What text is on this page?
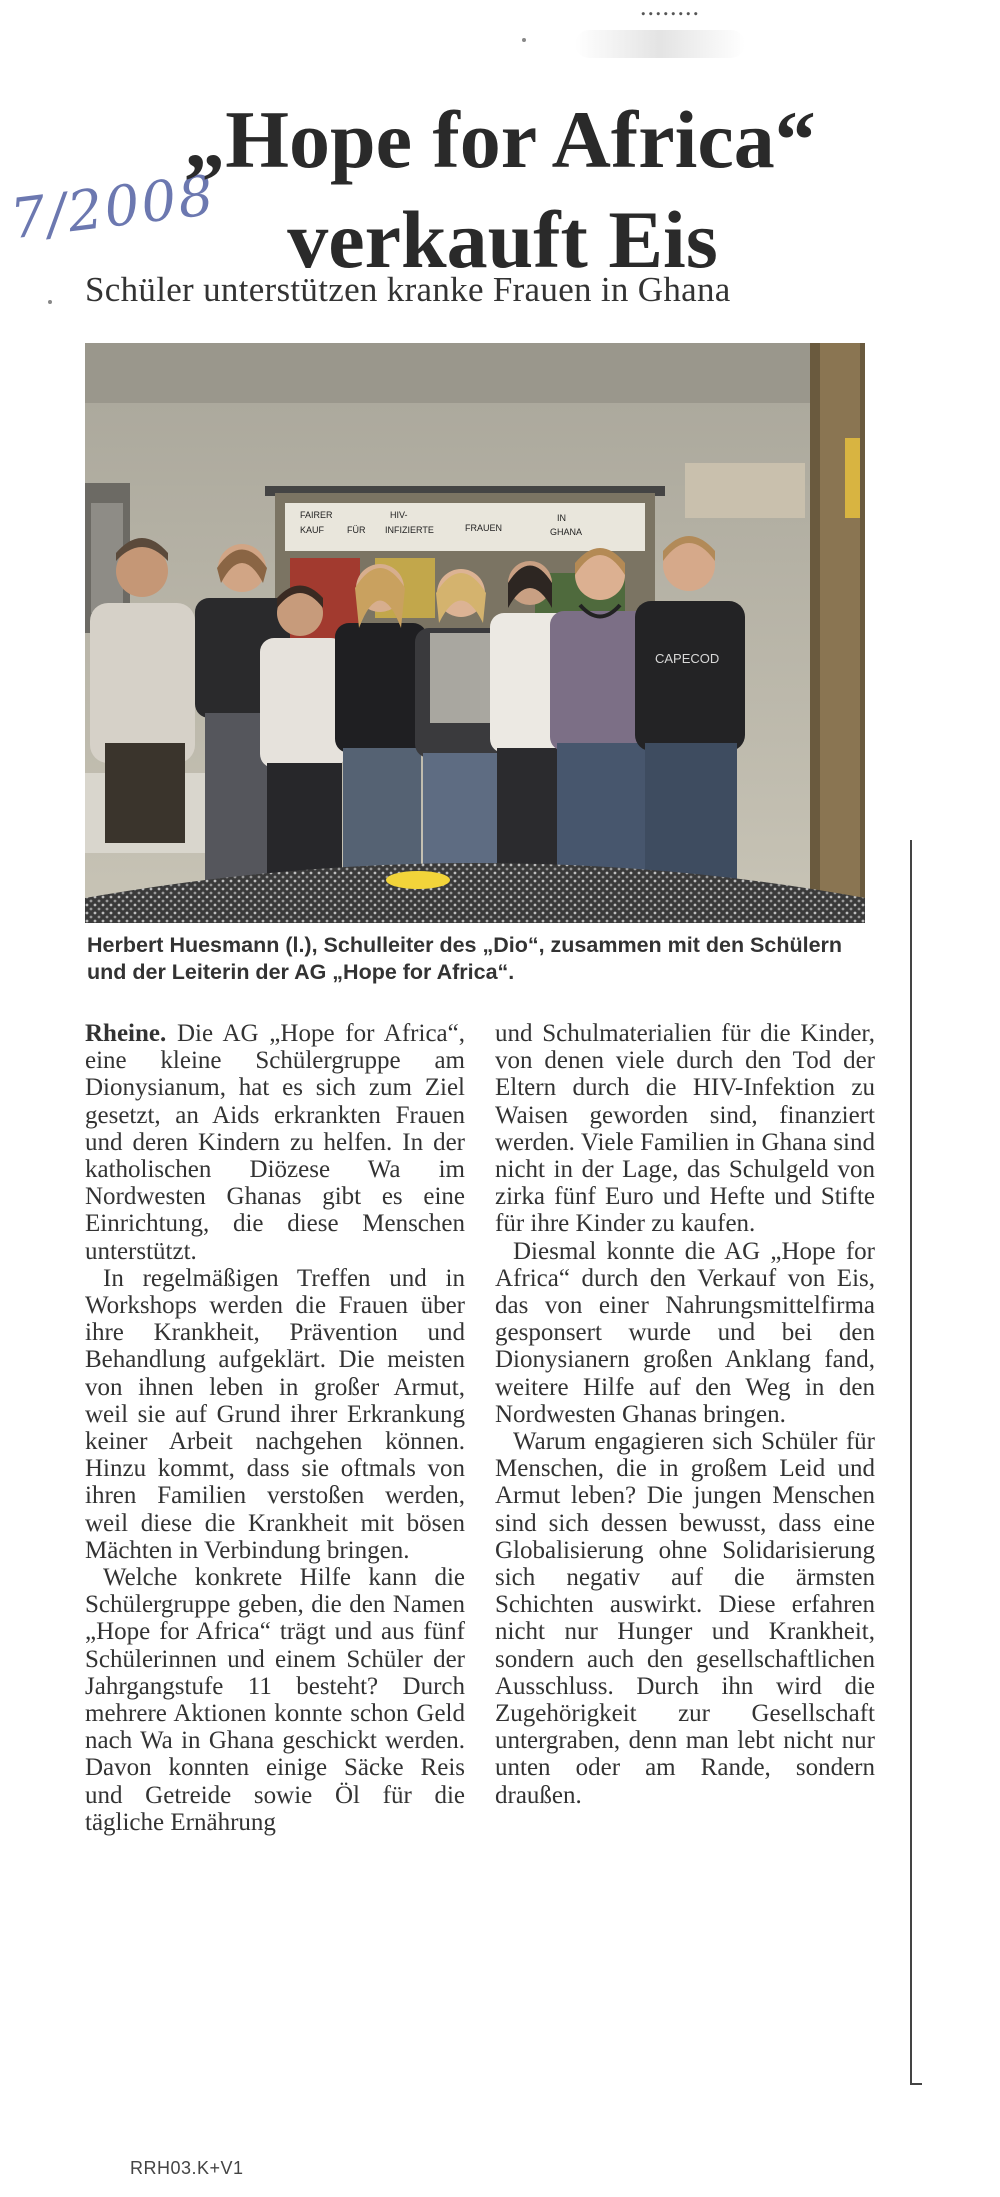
........
7/2008
„Hope for Africa“
verkauft Eis
Schüler unterstützen kranke Frauen in Ghana
FAIRER KAUF	FÜR HIV- INFIZIERTE	FRAUEN IN GHANA
CAPECOD
Herbert Huesmann (l.), Schulleiter des „Dio“, zusammen mit den Schülern und der Leiterin der AG „Hope for Africa“.

Rheine. Die AG „Hope for Africa“, eine kleine Schülergruppe am Dionysianum, hat es sich zum Ziel gesetzt, an Aids erkrankten Frauen und deren Kindern zu helfen. In der katholischen Diözese Wa im Nordwesten Ghanas gibt es eine Einrichtung, die diese Menschen unterstützt.

In regelmäßigen Treffen und in Workshops werden die Frauen über ihre Krankheit, Prävention und Behandlung aufgeklärt. Die meisten von ihnen leben in großer Armut, weil sie auf Grund ihrer Erkrankung keiner Arbeit nachgehen können. Hinzu kommt, dass sie oftmals von ihren Familien verstoßen werden, weil diese die Krankheit mit bösen Mächten in Verbindung bringen.

Welche konkrete Hilfe kann die Schülergruppe geben, die den Namen „Hope for Africa“ trägt und aus fünf Schülerinnen und einem Schüler der Jahrgangstufe 11 besteht? Durch mehrere Aktionen konnte schon Geld nach Wa in Ghana geschickt werden. Davon konnten einige Säcke Reis und Getreide sowie Öl für die tägliche Ernährung

und Schulmaterialien für die Kinder, von denen viele durch den Tod der Eltern durch die HIV-Infektion zu Waisen geworden sind, finanziert werden. Viele Familien in Ghana sind nicht in der Lage, das Schulgeld von zirka fünf Euro und Hefte und Stifte für ihre Kinder zu kaufen.

Diesmal konnte die AG „Hope for Africa“ durch den Verkauf von Eis, das von einer Nahrungsmittelfirma gesponsert wurde und bei den Dionysianern großen Anklang fand, weitere Hilfe auf den Weg in den Nordwesten Ghanas bringen.

Warum engagieren sich Schüler für Menschen, die in großem Leid und Armut leben? Die jungen Menschen sind sich dessen bewusst, dass eine Globalisierung ohne Solidarisierung sich negativ auf die ärmsten Schichten auswirkt. Diese erfahren nicht nur Hunger und Krankheit, sondern auch den gesellschaftlichen Ausschluss. Durch ihn wird die Zugehörigkeit zur Gesellschaft untergraben, denn man lebt nicht nur unten oder am Rande, sondern draußen.

RRH03.K+V1
